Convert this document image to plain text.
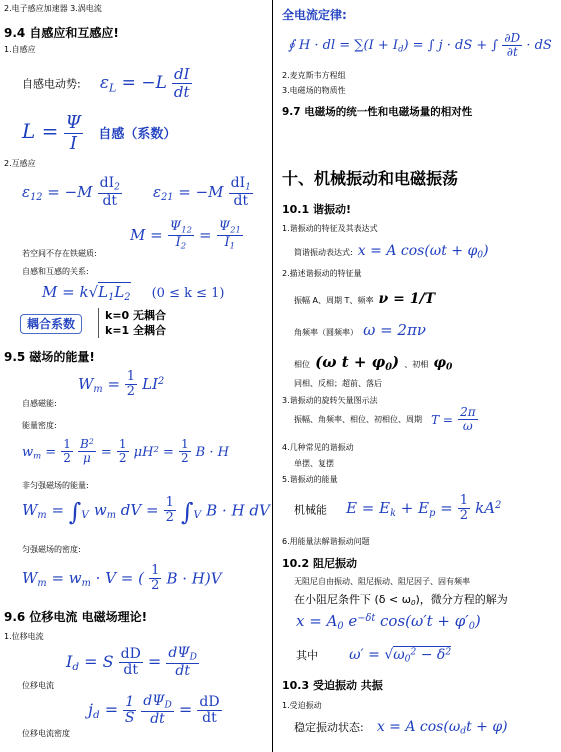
2.电子感应加速器 3.涡电流
9.4 自感应和互感应!
1.自感应
自感电动势: $\varepsilon_L = -L \frac{dI}{dt}$
$L = \frac{\Psi}{I}$ 自感（系数）
2.互感应
$\varepsilon_{12} = -M \frac{dI_2}{dt} \varepsilon_{21} = -M \frac{dI_1}{dt}$
$M = \frac{\Psi_{12}}{I_2} = \frac{\Psi_{21}}{I_1}$
若空间不存在铁磁质:
自感和互感的关系:
$M = k√L_1L_2$ (0 ≤ k ≤ 1)
耦合系数
k=0 无耦合
k=1 全耦合
9.5 磁场的能量!
$W_m = \frac{1}{2} LI^2$
自感磁能:
能量密度:
$w_m = \frac{1}{2}$
$\frac{B^2}{\mu} = \frac{1}{2} \mu H^2 = \frac{1}{2}$ B · H
非匀强磁场的能量:
$W_m = \int_V$ $w_m$ dV = $\frac{1}{2} \int_V$ B · H dV
匀强磁场的密度:
$W_m = w_m \cdot V$ = ( $\frac{1}{2}$ B · H)V
9.6 位移电流 电磁场理论!
1.位移电流
$I_d = S \frac{dD}{dt} = \frac{d\Psi_D}{dt}$
位移电流
$j_d = \frac{1}{S}$
$\frac{d\Psi_D}{dt} = \frac{dD}{dt}$
位移电流密度
全电流定律:
∮ H · dl = $\sum(I + I_d)$ = ∫ j · dS + ∫ $\frac{\partial D}{\partial t}$ · dS
2.麦克斯韦方程组
3.电磁场的物质性
9.7 电磁场的统一性和电磁场量的相对性
十、机械振动和电磁振荡
10.1 谐振动!
1.谐振动的特征及其表达式
简谐振动表达式: x = A $\cos(\omega t + \varphi_0)$
2.描述谐振动的特征量
振幅 A、周期 T、频率 ν = 1/T
角频率（圆频率） ω = 2πν
相位 (ω $t + \varphi_0$) 、初相 $\varphi_0$
同相、反相；超前、落后
3.谐振动的旋转矢量图示法
振幅、角频率、相位、初相位、周期 $T = \frac{2\pi}{\omega}$
4.几种常见的谐振动
单摆、复摆
5.谐振动的能量
机械能 $E = E_k + E_p = \frac{1}{2} kA^2$
6.用能量法解谐振动问题
10.2 阻尼振动
无阻尼自由振动、阻尼振动、阻尼因子、固有频率
在小阻尼条件下 $(\delta < \omega_0)$，微分方程的解为
$x = A_0$ $e^{-\delta t}$ $\cos(\omega't + \varphi'_0)$
其中 $\omega' = √\omega_0^2 - \delta^2$
10.3 受迫振动 共振
1.受迫振动
稳定振动状态: x = A $\cos(\omega_dt + \varphi)$
